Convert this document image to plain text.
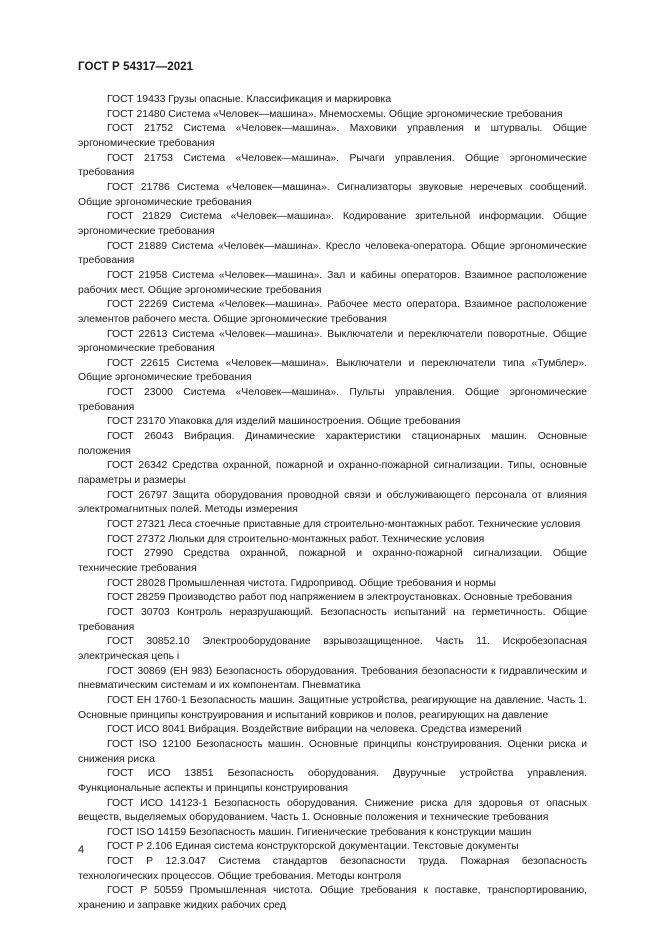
ГОСТ Р 54317—2021

ГОСТ 19433 Грузы опасные. Классификация и маркировка

ГОСТ 21480 Система «Человек—машина». Мнемосхемы. Общие эргономические требования

ГОСТ 21752 Система «Человек—машина». Маховики управления и штурвалы. Общие эргономические требования

ГОСТ 21753 Система «Человек—машина». Рычаги управления. Общие эргономические требования

ГОСТ 21786 Система «Человек—машина». Сигнализаторы звуковые неречевых сообщений. Общие эргономические требования

ГОСТ 21829 Система «Человек—машина». Кодирование зрительной информации. Общие эргономические требования

ГОСТ 21889 Система «Человек—машина». Кресло человека-оператора. Общие эргономические требования

ГОСТ 21958 Система «Человек—машина». Зал и кабины операторов. Взаимное расположение рабочих мест. Общие эргономические требования

ГОСТ 22269 Система «Человек—машина». Рабочее место оператора. Взаимное расположение элементов рабочего места. Общие эргономические требования

ГОСТ 22613 Система «Человек—машина». Выключатели и переключатели поворотные. Общие эргономические требования

ГОСТ 22615 Система «Человек—машина». Выключатели и переключатели типа «Тумблер». Общие эргономические требования

ГОСТ 23000 Система «Человек—машина». Пульты управления. Общие эргономические требования

ГОСТ 23170 Упаковка для изделий машиностроения. Общие требования

ГОСТ 26043 Вибрация. Динамические характеристики стационарных машин. Основные положения

ГОСТ 26342 Средства охранной, пожарной и охранно-пожарной сигнализации. Типы, основные параметры и размеры

ГОСТ 26797 Защита оборудования проводной связи и обслуживающего персонала от влияния электромагнитных полей. Методы измерения

ГОСТ 27321 Леса стоечные приставные для строительно-монтажных работ. Технические условия

ГОСТ 27372 Люльки для строительно-монтажных работ. Технические условия

ГОСТ 27990 Средства охранной, пожарной и охранно-пожарной сигнализации. Общие технические требования

ГОСТ 28028 Промышленная чистота. Гидропривод. Общие требования и нормы

ГОСТ 28259 Производство работ под напряжением в электроустановках. Основные требования

ГОСТ 30703 Контроль неразрушающий. Безопасность испытаний на герметичность. Общие требования

ГОСТ 30852.10 Электрооборудование взрывозащищенное. Часть 11. Искробезопасная электрическая цепь i

ГОСТ 30869 (ЕН 983) Безопасность оборудования. Требования безопасности к гидравлическим и пневматическим системам и их компонентам. Пневматика

ГОСТ ЕН 1760-1 Безопасность машин. Защитные устройства, реагирующие на давление. Часть 1. Основные принципы конструирования и испытаний ковриков и полов, реагирующих на давление

ГОСТ ИСО 8041 Вибрация. Воздействие вибрации на человека. Средства измерений

ГОСТ ISO 12100 Безопасность машин. Основные принципы конструирования. Оценки риска и снижения риска

ГОСТ ИСО 13851 Безопасность оборудования. Двуручные устройства управления. Функциональные аспекты и принципы конструирования

ГОСТ ИСО 14123-1 Безопасность оборудования. Снижение риска для здоровья от опасных веществ, выделяемых оборудованием. Часть 1. Основные положения и технические требования

ГОСТ ISO 14159 Безопасность машин. Гигиенические требования к конструкции машин

ГОСТ Р 2.106 Единая система конструкторской документации. Текстовые документы

ГОСТ Р 12.3.047 Система стандартов безопасности труда. Пожарная безопасность технологических процессов. Общие требования. Методы контроля

ГОСТ Р 50559 Промышленная чистота. Общие требования к поставке, транспортированию, хранению и заправке жидких рабочих сред

4
